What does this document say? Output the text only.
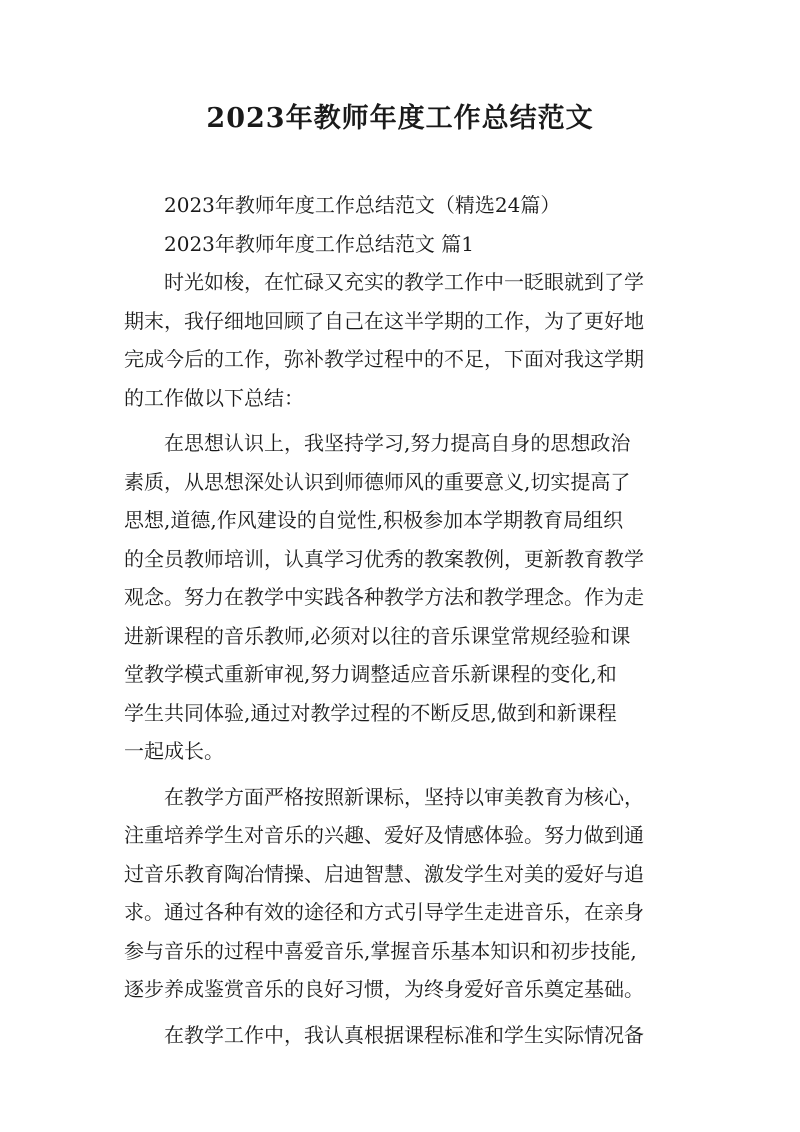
2023年教师年度工作总结范文
2023年教师年度工作总结范文（精选24篇）
2023年教师年度工作总结范文 篇1
时光如梭，在忙碌又充实的教学工作中一眨眼就到了学
期末，我仔细地回顾了自己在这半学期的工作，为了更好地
完成今后的工作，弥补教学过程中的不足，下面对我这学期
的工作做以下总结：
在思想认识上，我坚持学习,努力提高自身的思想政治
素质，从思想深处认识到师德师风的重要意义,切实提高了
思想,道德,作风建设的自觉性,积极参加本学期教育局组织
的全员教师培训，认真学习优秀的教案教例，更新教育教学
观念。努力在教学中实践各种教学方法和教学理念。作为走
进新课程的音乐教师,必须对以往的音乐课堂常规经验和课
堂教学模式重新审视,努力调整适应音乐新课程的变化,和
学生共同体验,通过对教学过程的不断反思,做到和新课程
一起成长。
在教学方面严格按照新课标，坚持以审美教育为核心，
注重培养学生对音乐的兴趣、爱好及情感体验。努力做到通
过音乐教育陶冶情操、启迪智慧、激发学生对美的爱好与追
求。通过各种有效的途径和方式引导学生走进音乐，在亲身
参与音乐的过程中喜爱音乐,掌握音乐基本知识和初步技能,
逐步养成鉴赏音乐的良好习惯，为终身爱好音乐奠定基础。
在教学工作中，我认真根据课程标准和学生实际情况备
